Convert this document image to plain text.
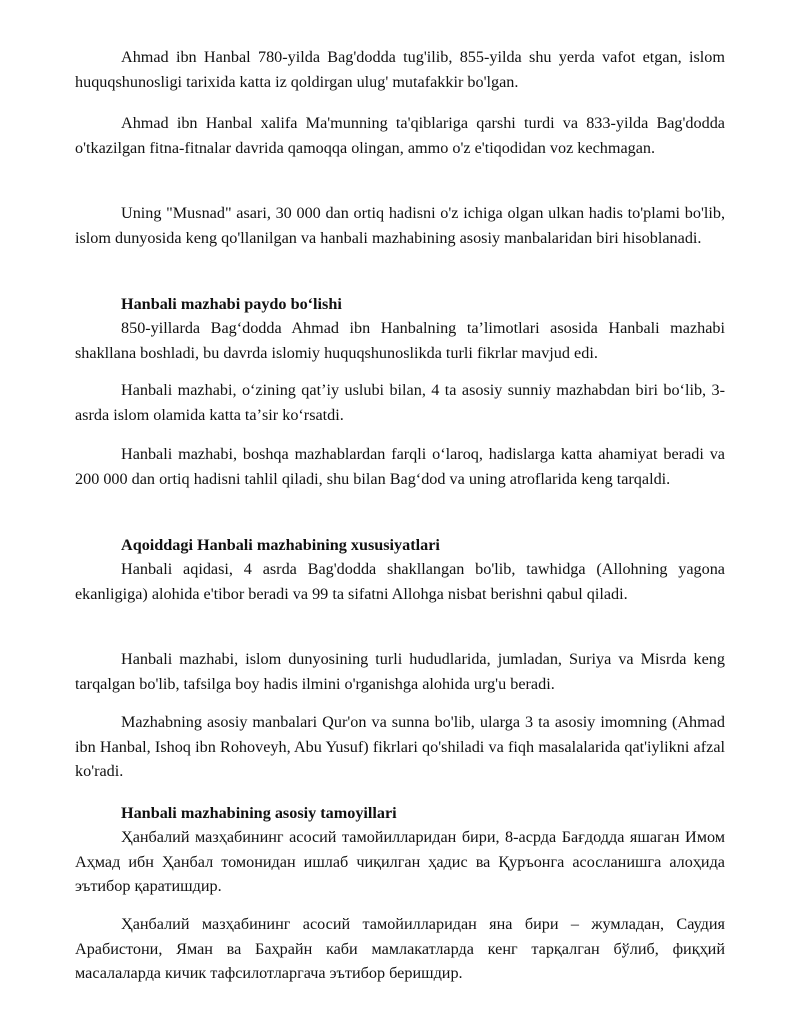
Ahmad ibn Hanbal 780-yilda Bag'dodda tug'ilib, 855-yilda shu yerda vafot etgan, islom huquqshunosligi tarixida katta iz qoldirgan ulug' mutafakkir bo'lgan.

Ahmad ibn Hanbal xalifa Ma'munning ta'qiblariga qarshi turdi va 833-yilda Bag'dodda o'tkazilgan fitna-fitnalar davrida qamoqqa olingan, ammo o'z e'tiqodidan voz kechmagan.

Uning "Musnad" asari, 30 000 dan ortiq hadisni o'z ichiga olgan ulkan hadis to'plami bo'lib, islom dunyosida keng qo'llanilgan va hanbali mazhabining asosiy manbalaridan biri hisoblanadi.

Hanbali mazhabi paydo boʻlishi

850-yillarda Bagʻdodda Ahmad ibn Hanbalning taʼlimotlari asosida Hanbali mazhabi shakllana boshladi, bu davrda islomiy huquqshunoslikda turli fikrlar mavjud edi.

Hanbali mazhabi, oʻzining qatʼiy uslubi bilan, 4 ta asosiy sunniy mazhabdan biri boʻlib, 3-asrda islom olamida katta taʼsir koʻrsatdi.

Hanbali mazhabi, boshqa mazhablardan farqli oʻlaroq, hadislarga katta ahamiyat beradi va 200 000 dan ortiq hadisni tahlil qiladi, shu bilan Bagʻdod va uning atroflarida keng tarqaldi.

Aqoiddagi Hanbali mazhabining xususiyatlari

Hanbali aqidasi, 4 asrda Bag'dodda shakllangan bo'lib, tawhidga (Allohning yagona ekanligiga) alohida e'tibor beradi va 99 ta sifatni Allohga nisbat berishni qabul qiladi.

Hanbali mazhabi, islom dunyosining turli hududlarida, jumladan, Suriya va Misrda keng tarqalgan bo'lib, tafsilga boy hadis ilmini o'rganishga alohida urg'u beradi.

Mazhabning asosiy manbalari Qur'on va sunna bo'lib, ularga 3 ta asosiy imomning (Ahmad ibn Hanbal, Ishoq ibn Rohoveyh, Abu Yusuf) fikrlari qo'shiladi va fiqh masalalarida qat'iylikni afzal ko'radi.

Hanbali mazhabining asosiy tamoyillari

Ҳанбалий мазҳабининг асосий тамойилларидан бири, 8-асрда Бағдодда яшаган Имом Аҳмад ибн Ҳанбал томонидан ишлаб чиқилган ҳадис ва Қуръонга асосланишга алоҳида эътибор қаратишдир.

Ҳанбалий мазҳабининг асосий тамойилларидан яна бири – жумладан, Саудия Арабистони, Яман ва Баҳрайн каби мамлакатларда кенг тарқалган бўлиб, фиқҳий масалаларда кичик тафсилотларгача эътибор беришдир.
